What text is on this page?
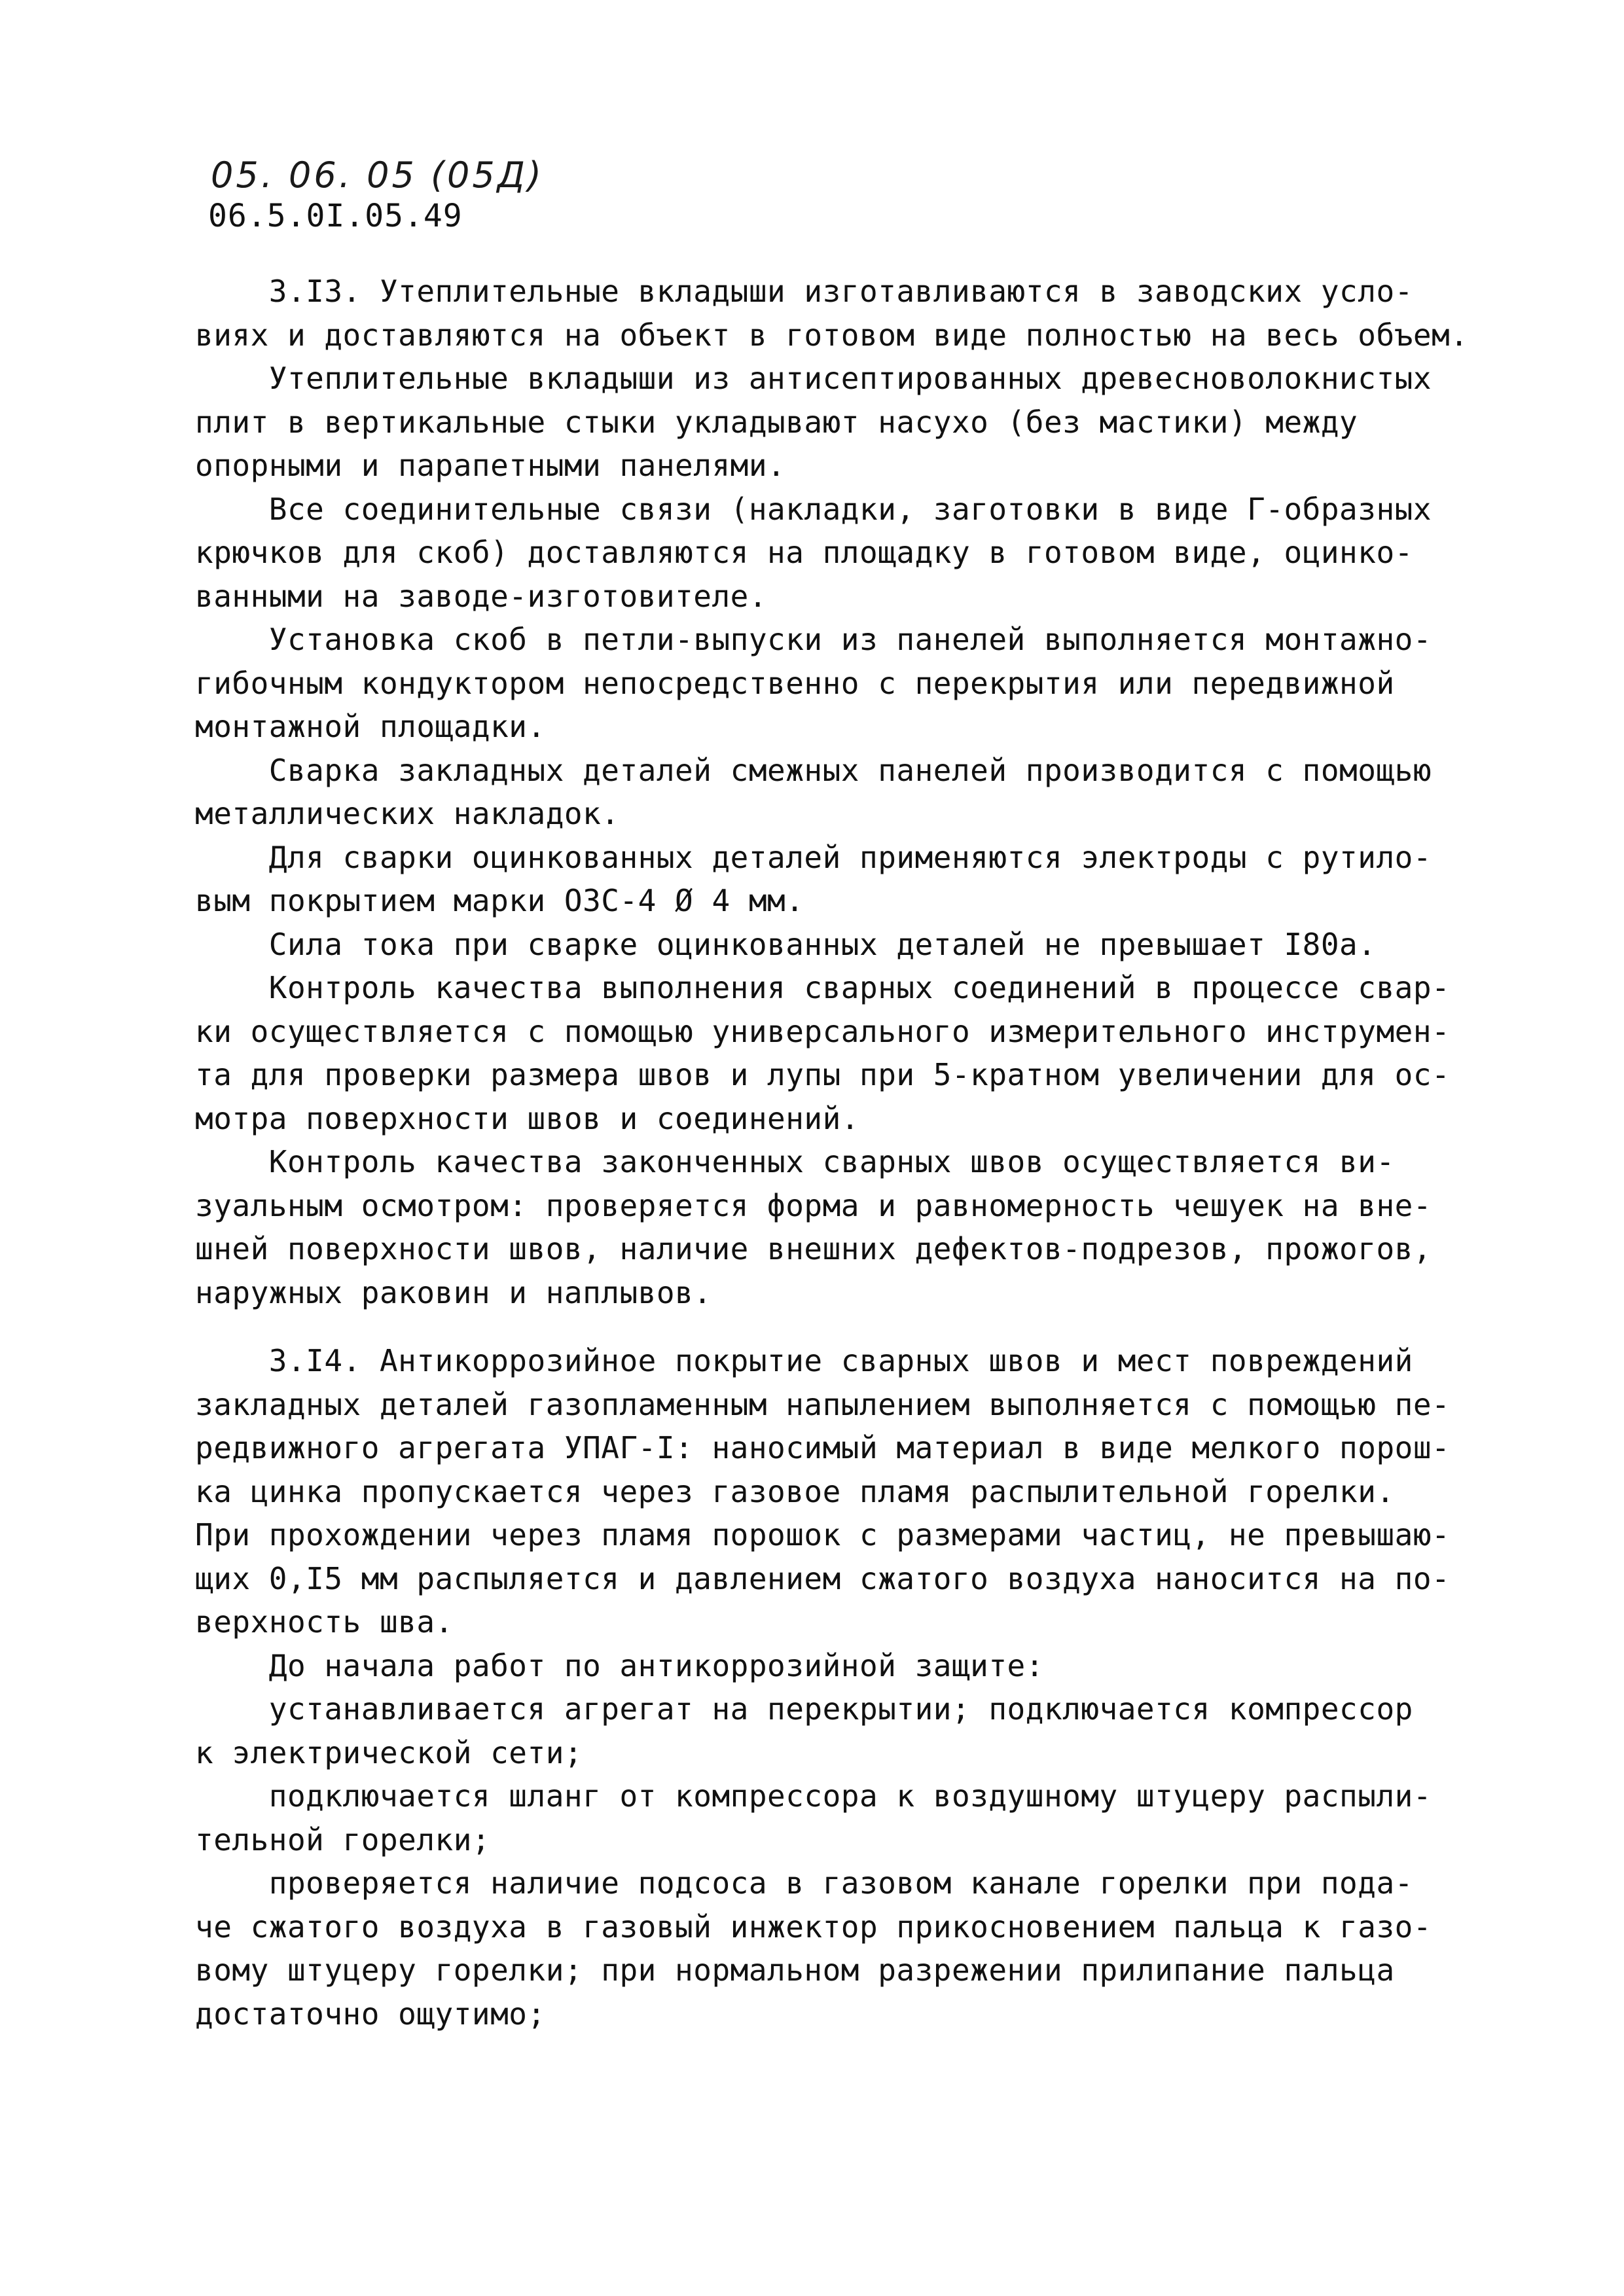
05. 06. 05 (05Д)
06.5.0I.05.49
3.I3. Утеплительные вкладыши изготавливаются в заводских усло-
виях и доставляются на объект в готовом виде полностью на весь объем.
Утеплительные вкладыши из антисептированных древесноволокнистых
плит в вертикальные стыки укладывают насухо (без мастики) между
опорными и парапетными панелями.
Все соединительные связи (накладки, заготовки в виде Г-образных
крючков для скоб) доставляются на площадку в готовом виде, оцинко-
ванными на заводе-изготовителе.
Установка скоб в петли-выпуски из панелей выполняется монтажно-
гибочным кондуктором непосредственно с перекрытия или передвижной
монтажной площадки.
Сварка закладных деталей смежных панелей производится с помощью
металлических накладок.
Для сварки оцинкованных деталей применяются электроды с рутило-
вым покрытием марки ОЗС-4 Ø 4 мм.
Сила тока при сварке оцинкованных деталей не превышает I80а.
Контроль качества выполнения сварных соединений в процессе свар-
ки осуществляется с помощью универсального измерительного инструмен-
та для проверки размера швов и лупы при 5-кратном увеличении для ос-
мотра поверхности швов и соединений.
Контроль качества законченных сварных швов осуществляется ви-
зуальным осмотром: проверяется форма и равномерность чешуек на вне-
шней поверхности швов, наличие внешних дефектов-подрезов, прожогов,
наружных раковин и наплывов.
3.I4. Антикоррозийное покрытие сварных швов и мест повреждений
закладных деталей газопламенным напылением выполняется с помощью пе-
редвижного агрегата УПАГ-I: наносимый материал в виде мелкого порош-
ка цинка пропускается через газовое пламя распылительной горелки.
При прохождении через пламя порошок с размерами частиц, не превышаю-
щих 0,I5 мм распыляется и давлением сжатого воздуха наносится на по-
верхность шва.
До начала работ по антикоррозийной защите:
устанавливается агрегат на перекрытии; подключается компрессор
к электрической сети;
подключается шланг от компрессора к воздушному штуцеру распыли-
тельной горелки;
проверяется наличие подсоса в газовом канале горелки при пода-
че сжатого воздуха в газовый инжектор прикосновением пальца к газо-
вому штуцеру горелки; при нормальном разрежении прилипание пальца
достаточно ощутимо;
